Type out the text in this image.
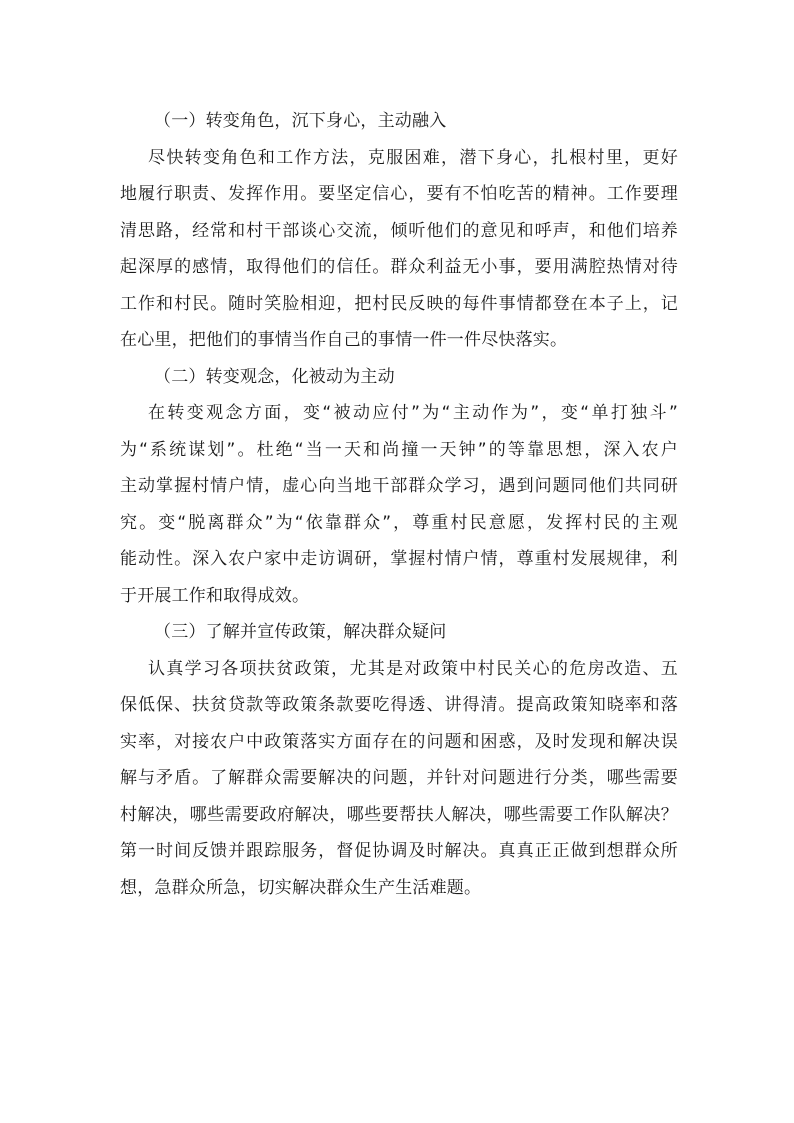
（一）转变角色，沉下身心，主动融入
尽快转变角色和工作方法，克服困难，潜下身心，扎根村里，更好
地履行职责、发挥作用。要坚定信心，要有不怕吃苦的精神。工作要理
清思路，经常和村干部谈心交流，倾听他们的意见和呼声，和他们培养
起深厚的感情，取得他们的信任。群众利益无小事，要用满腔热情对待
工作和村民。随时笑脸相迎，把村民反映的每件事情都登在本子上，记
在心里，把他们的事情当作自己的事情一件一件尽快落实。
（二）转变观念，化被动为主动
在转变观念方面，变“被动应付”为“主动作为”，变“单打独斗”
为“系统谋划”。杜绝“当一天和尚撞一天钟”的等靠思想，深入农户
主动掌握村情户情，虚心向当地干部群众学习，遇到问题同他们共同研
究。变“脱离群众”为“依靠群众”，尊重村民意愿，发挥村民的主观
能动性。深入农户家中走访调研，掌握村情户情，尊重村发展规律，利
于开展工作和取得成效。
（三）了解并宣传政策，解决群众疑问
认真学习各项扶贫政策，尤其是对政策中村民关心的危房改造、五
保低保、扶贫贷款等政策条款要吃得透、讲得清。提高政策知晓率和落
实率，对接农户中政策落实方面存在的问题和困惑，及时发现和解决误
解与矛盾。了解群众需要解决的问题，并针对问题进行分类，哪些需要
村解决，哪些需要政府解决，哪些要帮扶人解决，哪些需要工作队解决？
第一时间反馈并跟踪服务，督促协调及时解决。真真正正做到想群众所
想，急群众所急，切实解决群众生产生活难题。
